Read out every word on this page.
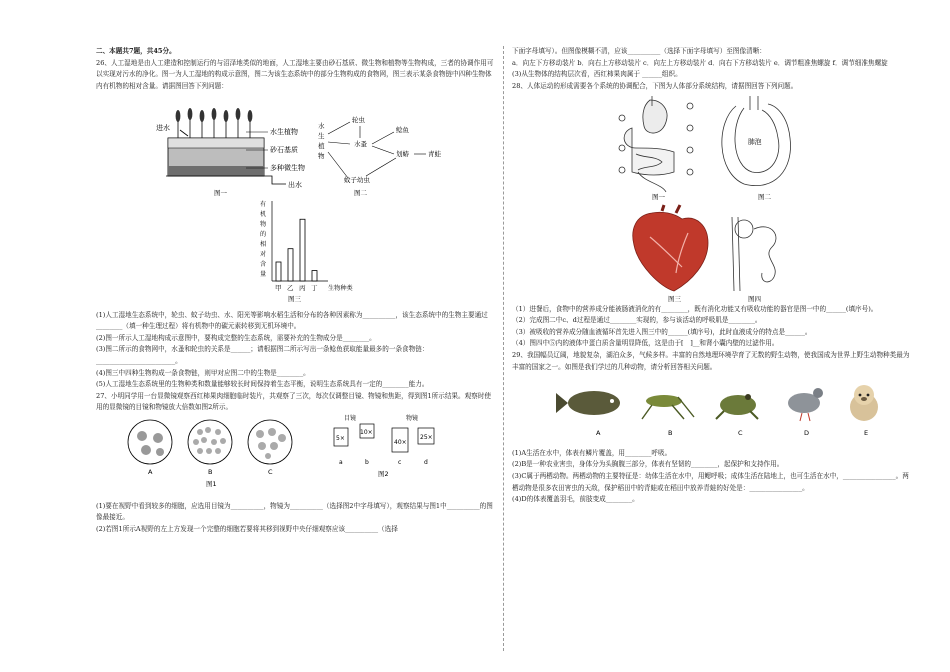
二、本题共7题，共45分。

26、人工湿地是由人工建造和控制运行的与沼泽地类似的地面，人工湿地主要由砂石基质、微生物和植物等生物构成，三者的协调作用可以实现对污水的净化。图一为人工湿地的构成示意图，图二为该生态系统中的部分生物构成的食物网，图三表示某条食物链中四种生物体内有机物的相对含量。请据图回答下列问题：

进水	水生植物
砂石基质
多种微生物
出水
图一
水
生
植
物
轮虫
水蚤
鲶鱼
划蝽	青蛙
蚊子幼虫
图二

有
机
物
的
相
对
含
量
甲 乙 丙 丁 生物种类
图三

(1)人工湿地生态系统中，轮虫、蚊子幼虫、水、阳光等影响水稻生活和分布的各种因素称为__________，该生态系统中的生物主要通过________（填一种生理过程）将有机物中的碳元素转移到无机环境中。

(2)图一所示人工湿地构成示意图中，要构成完整的生态系统，需要补充的生物成分是________。

(3)图二所示的食物网中，水蚤和轮虫的关系是______；请根据图二所示写出一条鲶鱼获取能量最多的一条食物链：________________________。

(4)图三中四种生物构成一条食物链，则甲对应图二中的生物是________。

(5)人工湿地生态系统里的生物种类和数量能够较长时间保持着生态平衡，说明生态系统具有一定的________能力。

27、小明同学用一台显微镜观察西红柿果肉细胞临时装片，共观察了三次，每次仅调整目镜、物镜和焦距，得到图1所示结果。观察时使用的显微镜的目镜和物镜放大倍数如图2所示。

A	B	C
图1
目镜	物镜
5×
10×
40×
25×
a	b	c	d
图2

(1)要在视野中看到较多的细胞，应选用目镜为__________，物镜为__________（选择图2中字母填写），观察结果与图1中__________的图像最接近。

(2)若图1所示A视野的左上方发现一个完整的细胞若要将其移到视野中央仔细观察应该__________（选择

下面字母填写）。但图像模糊不清，应该__________（选择下面字母填写）至图像清晰：

a．向左下方移动装片 b．向右上方移动装片 c．向左上方移动装片 d．向右下方移动装片 e．调节粗准焦螺旋 f．调节细准焦螺旋

(3)从生物体的结构层次看，西红柿果肉属于 ______组织。

28、人体运动的形成需要各个系统的协调配合，下图为人体部分系统结构，请据图回答下列问题。

图一
肺泡
图二

图三	图四

（1）进餐后，食物中的营养成分能被肠液消化的有________，既有消化功能又有吸收功能的器官是图一中的______(填序号)。

（2）完成图二中c、d过程是通过________实现的，参与该活动的呼吸肌是________。

（3）被吸收的营养成分随血液循环首先进入图三中的______(填序号)，此时血液成分的特点是______。

（4）图四中⑤内的液体中蛋白质含量明显降低，这是由于[　]__和肾小囊内壁的过滤作用。

29、我国幅员辽阔，地貌复杂，湖泊众多，气候多样。丰富的自然地理环境孕育了无数的野生动物，使我国成为世界上野生动物种类最为丰富的国家之一。如图是我们学过的几种动物，请分析回答相关问题。

A	B	C	D	E

(1)A生活在水中，体表有鳞片覆盖，用________呼吸。

(2)B是一种农业害虫，身体分为头胸腹三部分，体表有坚韧的________，起保护和支持作用。

(3)C属于两栖动物。两栖动物的主要特征是：幼体生活在水中，用鳃呼吸；成体生活在陆地上，也可生活在水中，________________。两栖动物是很多农田害虫的天敌，保护稻田中的青蛙或在稻田中放养青蛙的好处是：________________。

(4)D的体表覆盖羽毛，前肢变成________。
